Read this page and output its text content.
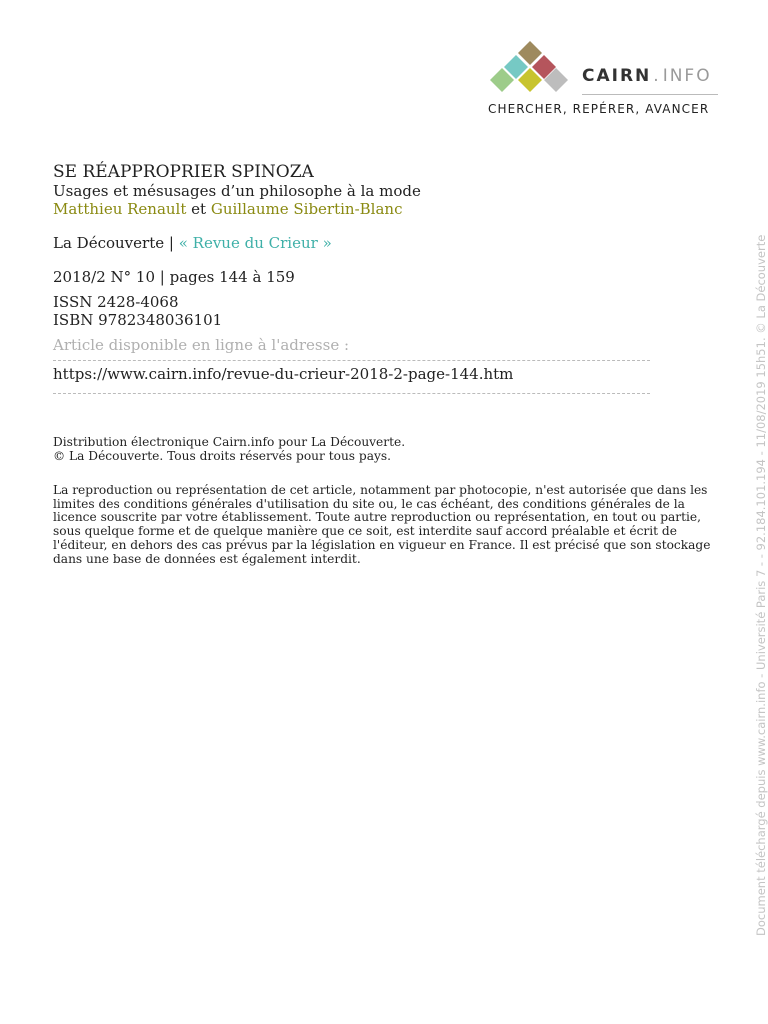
CAIRN . INFO
CHERCHER, REPÉRER, AVANCER

SE RÉAPPROPRIER SPINOZA

Usages et mésusages d’un philosophe à la mode

Matthieu Renault et Guillaume Sibertin-Blanc

La Découverte | « Revue du Crieur »

2018/2 N° 10 | pages 144 à 159

ISSN 2428-4068

ISBN 9782348036101

Article disponible en ligne à l'adresse :

https://www.cairn.info/revue-du-crieur-2018-2-page-144.htm

Distribution électronique Cairn.info pour La Découverte.

© La Découverte. Tous droits réservés pour tous pays.

La reproduction ou représentation de cet article, notamment par photocopie, n'est autorisée que dans les limites des conditions générales d'utilisation du site ou, le cas échéant, des conditions générales de la licence souscrite par votre établissement. Toute autre reproduction ou représentation, en tout ou partie, sous quelque forme et de quelque manière que ce soit, est interdite sauf accord préalable et écrit de l'éditeur, en dehors des cas prévus par la législation en vigueur en France. Il est précisé que son stockage dans une base de données est également interdit.	Document téléchargé depuis www.cairn.info - Université Paris 7 - - 92.184.101.194 - 11/08/2019 15h51. © La Découverte
